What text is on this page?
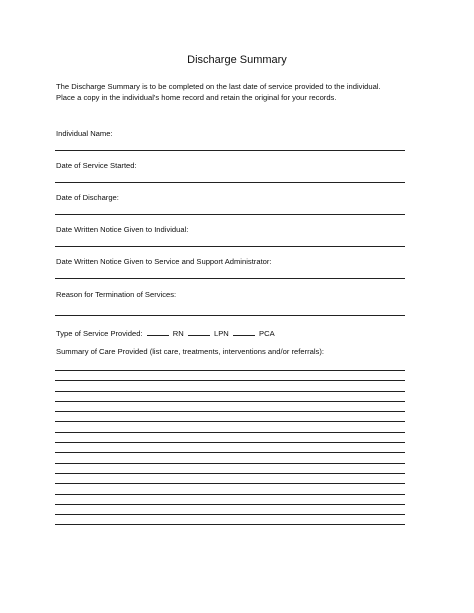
Discharge Summary
The Discharge Summary is to be completed on the last date of service provided to the individual.
Place a copy in the individual's home record and retain the original for your records.
Individual Name:
Date of Service Started:
Date of Discharge:
Date Written Notice Given to Individual:
Date Written Notice Given to Service and Support Administrator:
Reason for Termination of Services:
Type of Service Provided:	RN	LPN	PCA
Summary of Care Provided (list care, treatments, interventions and/or referrals):
